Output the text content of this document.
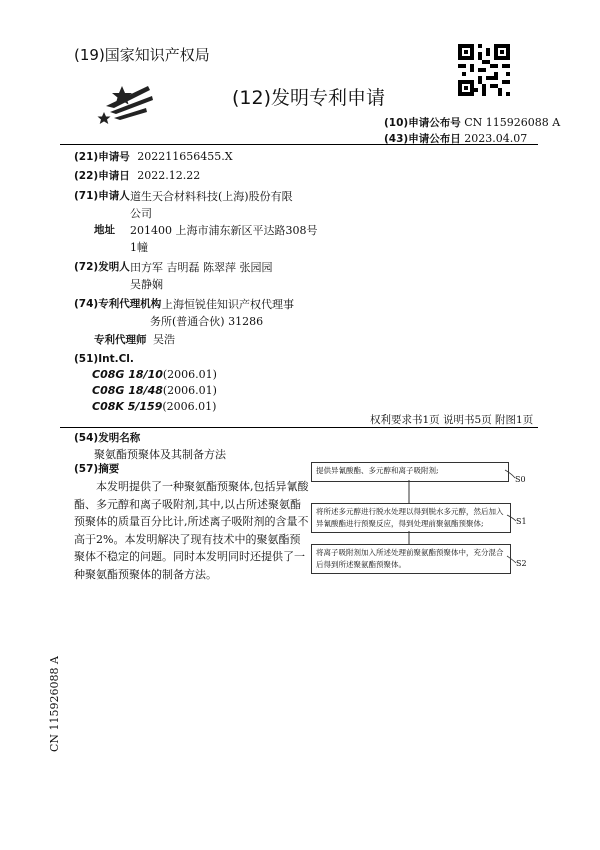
(19)国家知识产权局
(12)发明专利申请
(10)申请公布号 CN 115926088 A
(43)申请公布日 2023.04.07
(21)申请号 202211656455.X
(22)申请日 2022.12.22
(71)申请人 道生天合材料科技(上海)股份有限
公司
地址 201400 上海市浦东新区平达路308号
1幢
(72)发明人 田方军 吉明磊 陈翠萍 张园园
吴静娴
(74)专利代理机构 上海恒锐佳知识产权代理事
务所(普通合伙) 31286
专利代理师 吴浩
(51)Int.Cl.
C08G 18/10(2006.01)
C08G 18/48(2006.01)
C08K 5/159(2006.01)
权利要求书1页 说明书5页 附图1页
(54)发明名称
聚氨酯预聚体及其制备方法
(57)摘要
本发明提供了一种聚氨酯预聚体,包括异氰酸酯、多元醇和离子吸附剂,其中,以占所述聚氨酯预聚体的质量百分比计,所述离子吸附剂的含量不高于2%。本发明解决了现有技术中的聚氨酯预聚体不稳定的问题。同时本发明同时还提供了一种聚氨酯预聚体的制备方法。
提供异氰酸酯、多元醇和离子吸附剂;
将所述多元醇进行脱水处理以得到脱水多元醇，然后加入异氰酸酯进行预聚反应，得到处理前聚氨酯预聚体;
将离子吸附剂加入所述处理前聚氨酯预聚体中，充分混合后得到所述聚氨酯预聚体。
S0
S1
S2
CN 115926088 A
